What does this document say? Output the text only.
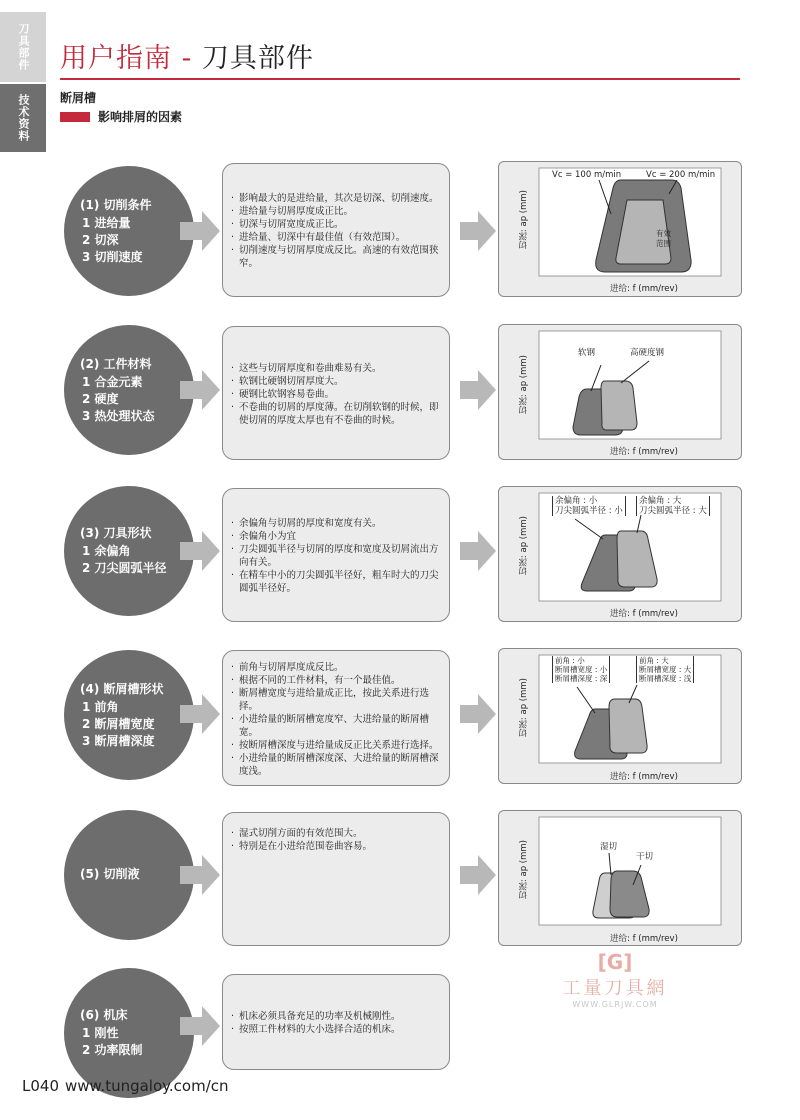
刀具部件
技术资料
用户指南 - 刀具部件
断屑槽
影响排屑的因素
(1) 切削条件
1 进给量
2 切深
3 切削速度
· 影响最大的是进给量，其次是切深、切削速度。
· 进给量与切屑厚度成正比。
· 切深与切屑宽度成正比。
· 进给量、切深中有最佳值（有效范围）。
· 切削速度与切屑厚度成反比。高速的有效范围狭窄。
切深: ap (mm)
进给: f (mm/rev)
Vc = 100 m/min	Vc = 200 m/min
有效
范围
(2) 工件材料
1 合金元素
2 硬度
3 热处理状态
· 这些与切屑厚度和卷曲难易有关。
· 软钢比硬钢切屑厚度大。
· 硬钢比软钢容易卷曲。
· 不卷曲的切屑的厚度薄。在切削软钢的时候，即使切屑的厚度太厚也有不卷曲的时候。
切深: ap (mm)
进给: f (mm/rev)
软钢	高硬度钢
(3) 刀具形状
1 余偏角
2 刀尖圆弧半径
· 余偏角与切屑的厚度和宽度有关。
· 余偏角小为宜
· 刀尖圆弧半径与切屑的厚度和宽度及切屑流出方向有关。
· 在精车中小的刀尖圆弧半径好，粗车时大的刀尖圆弧半径好。
切深: ap (mm)
进给: f (mm/rev)
余偏角 : 小
刀尖圆弧半径 : 小
余偏角 : 大
刀尖圆弧半径 : 大
(4) 断屑槽形状
1 前角
2 断屑槽宽度
3 断屑槽深度
· 前角与切屑厚度成反比。
· 根据不同的工件材料，有一个最佳值。
· 断屑槽宽度与进给量成正比，按此关系进行选择。
· 小进给量的断屑槽宽度窄、大进给量的断屑槽宽。
· 按断屑槽深度与进给量成反正比关系进行选择。
· 小进给量的断屑槽深度深、大进给量的断屑槽深度浅。
切深: ap (mm)
进给: f (mm/rev)
前角 : 小
断屑槽宽度 : 小
断屑槽深度 : 深
前角 : 大
断屑槽宽度 : 大
断屑槽深度 : 浅
(5) 切削液
· 湿式切削方面的有效范围大。
· 特别是在小进给范围卷曲容易。	切深: ap (mm)
进给: f (mm/rev)
湿切
干切
(6) 机床
1 刚性
2 功率限制
· 机床必须具备充足的功率及机械刚性。
· 按照工件材料的大小选择合适的机床。
[G]
工量刀具網
WWW.GLRJW.COM
L040 www.tungaloy.com/cn
